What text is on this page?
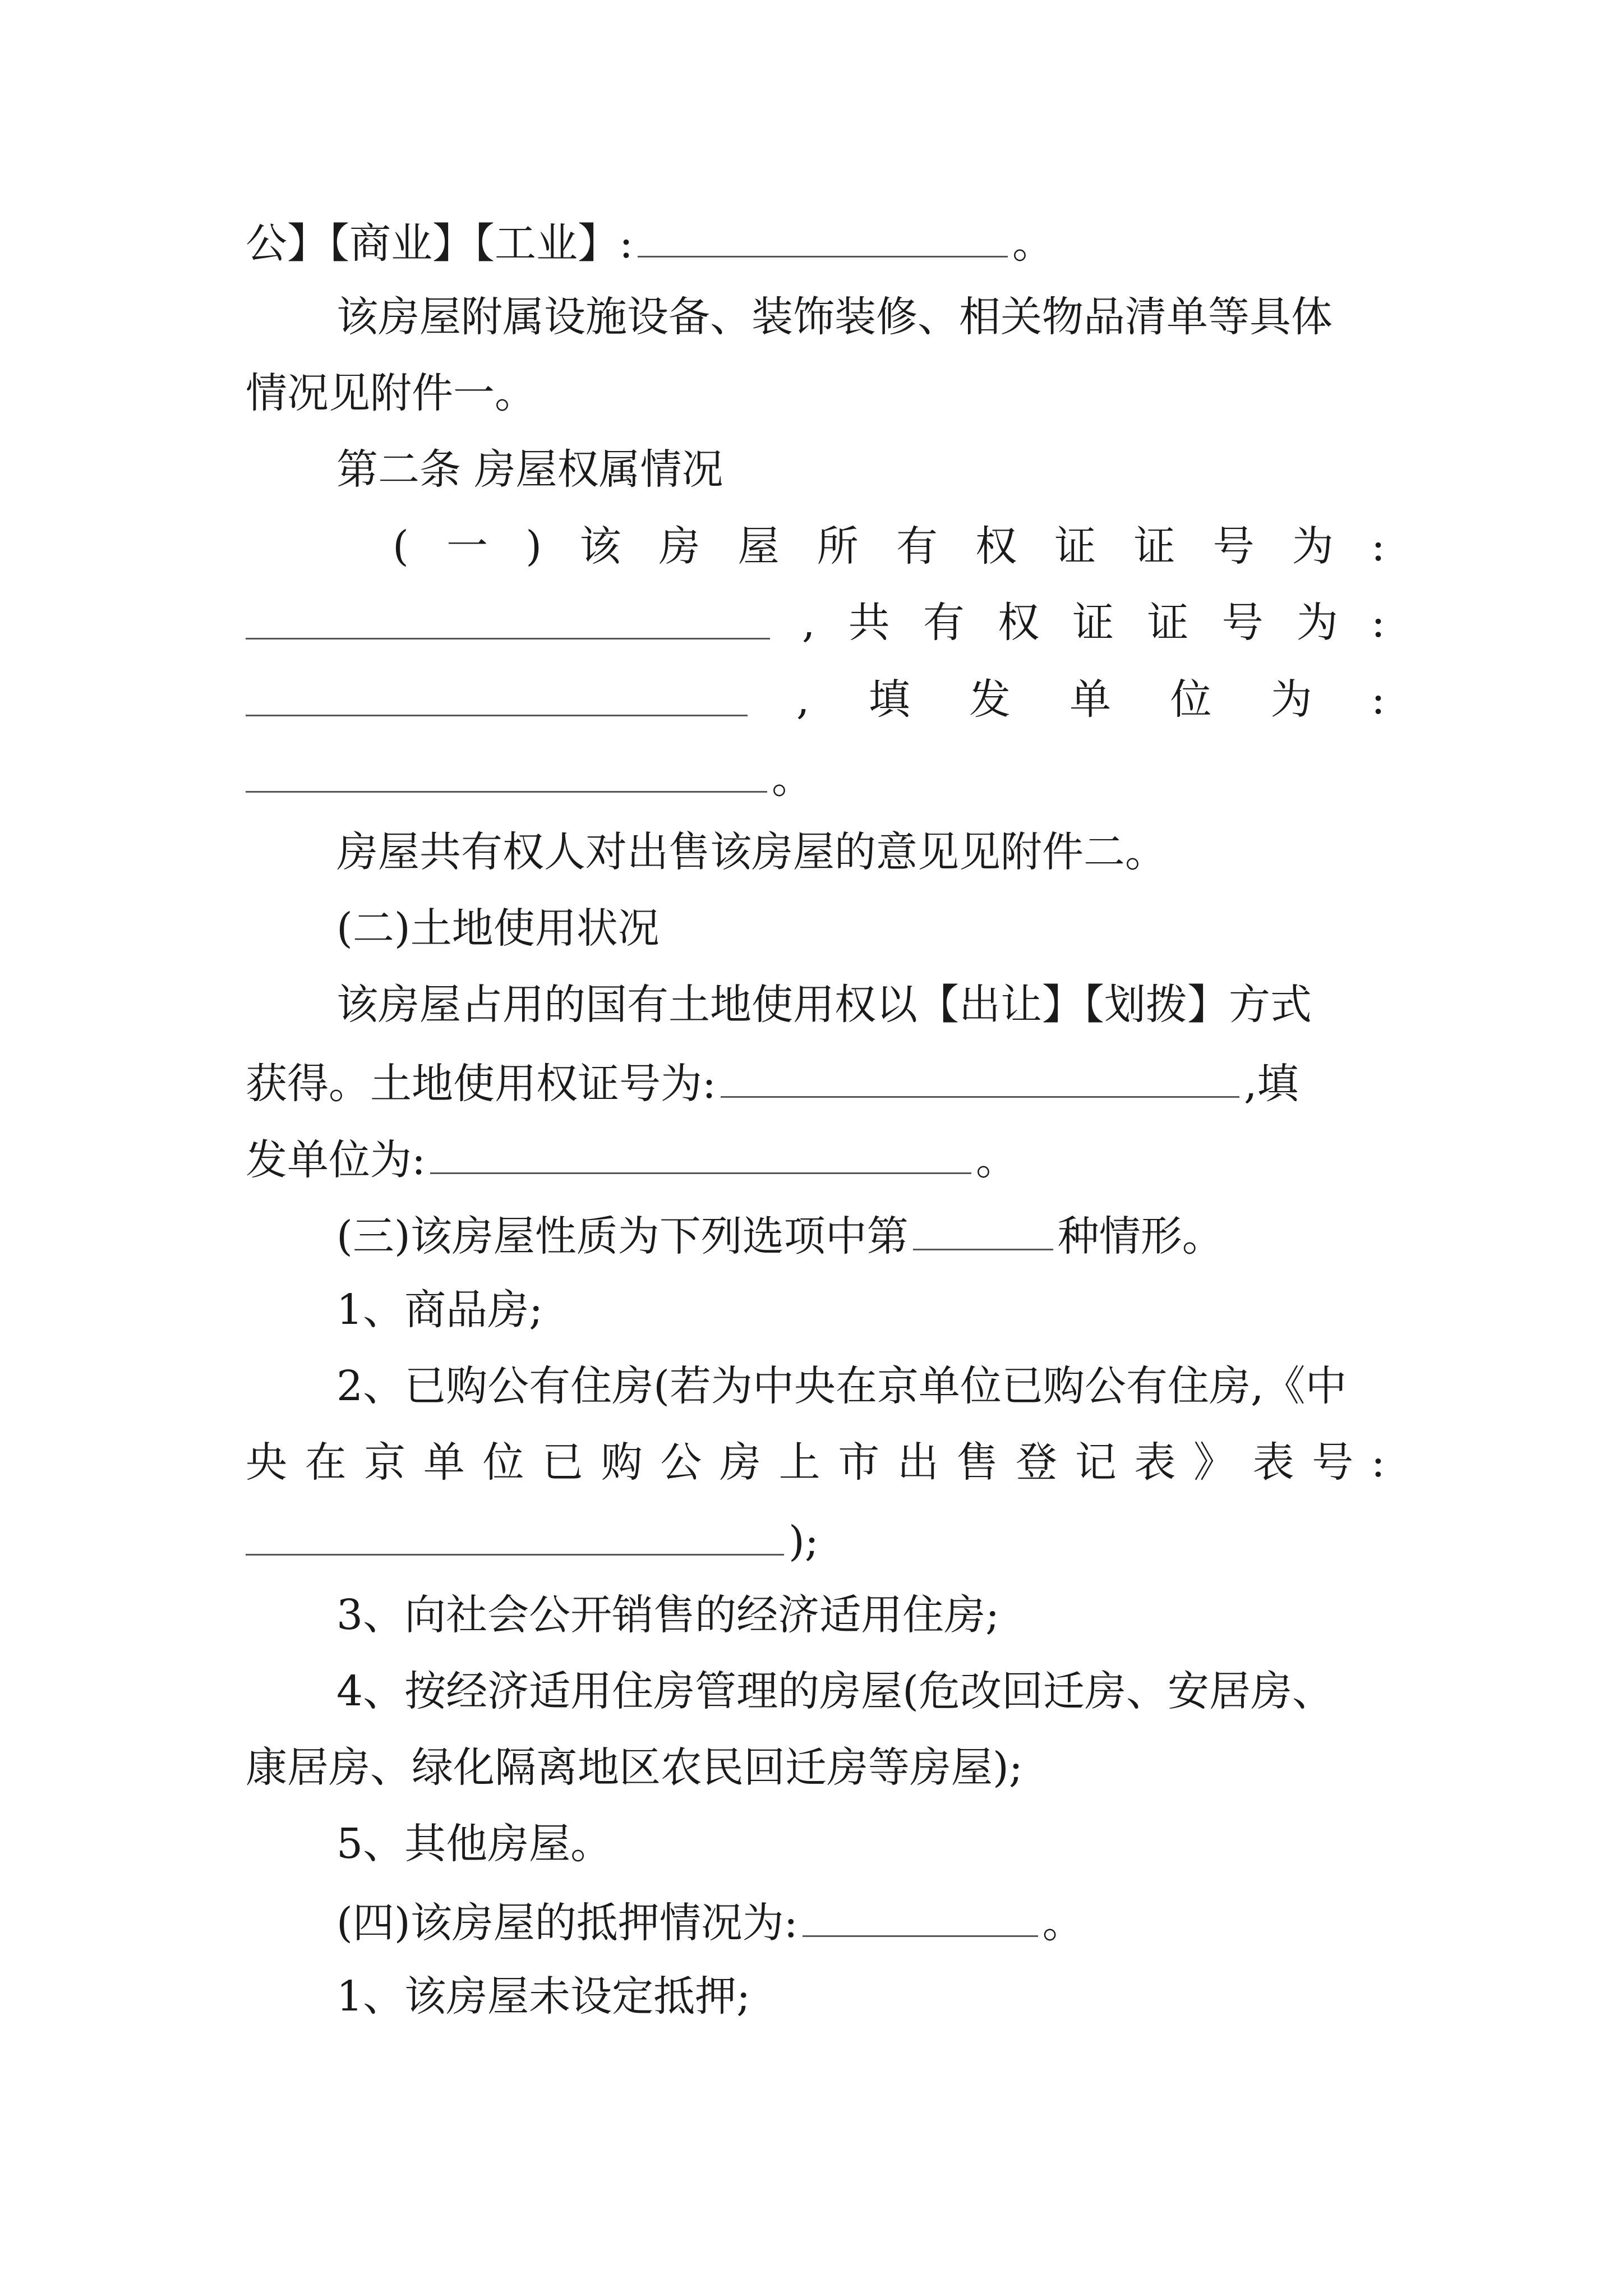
公】【商业】【工业】:	。
该房屋附属设施设备、装饰装修、相关物品清单等具体
情况见附件一。
第二条 房屋权属情况
( 一 ) 该 房 屋 所 有 权 证 证 号 为 :
, 共 有 权 证 证 号 为 :
, 填 发 单 位 为 :
。
房屋共有权人对出售该房屋的意见见附件二。
(二)土地使用状况
该房屋占用的国有土地使用权以【出让】【划拨】方式
获得。土地使用权证号为:	,填
发单位为:	。
(三)该房屋性质为下列选项中第	种情形。
1、商品房;
2、已购公有住房(若为中央在京单位已购公有住房,《中
央 在 京 单 位 已 购 公 房 上 市 出 售 登 记 表 》 表 号 :
);
3、向社会公开销售的经济适用住房;
4、按经济适用住房管理的房屋(危改回迁房、安居房、
康居房、绿化隔离地区农民回迁房等房屋);
5、其他房屋。
(四)该房屋的抵押情况为:	。
1、该房屋未设定抵押;
